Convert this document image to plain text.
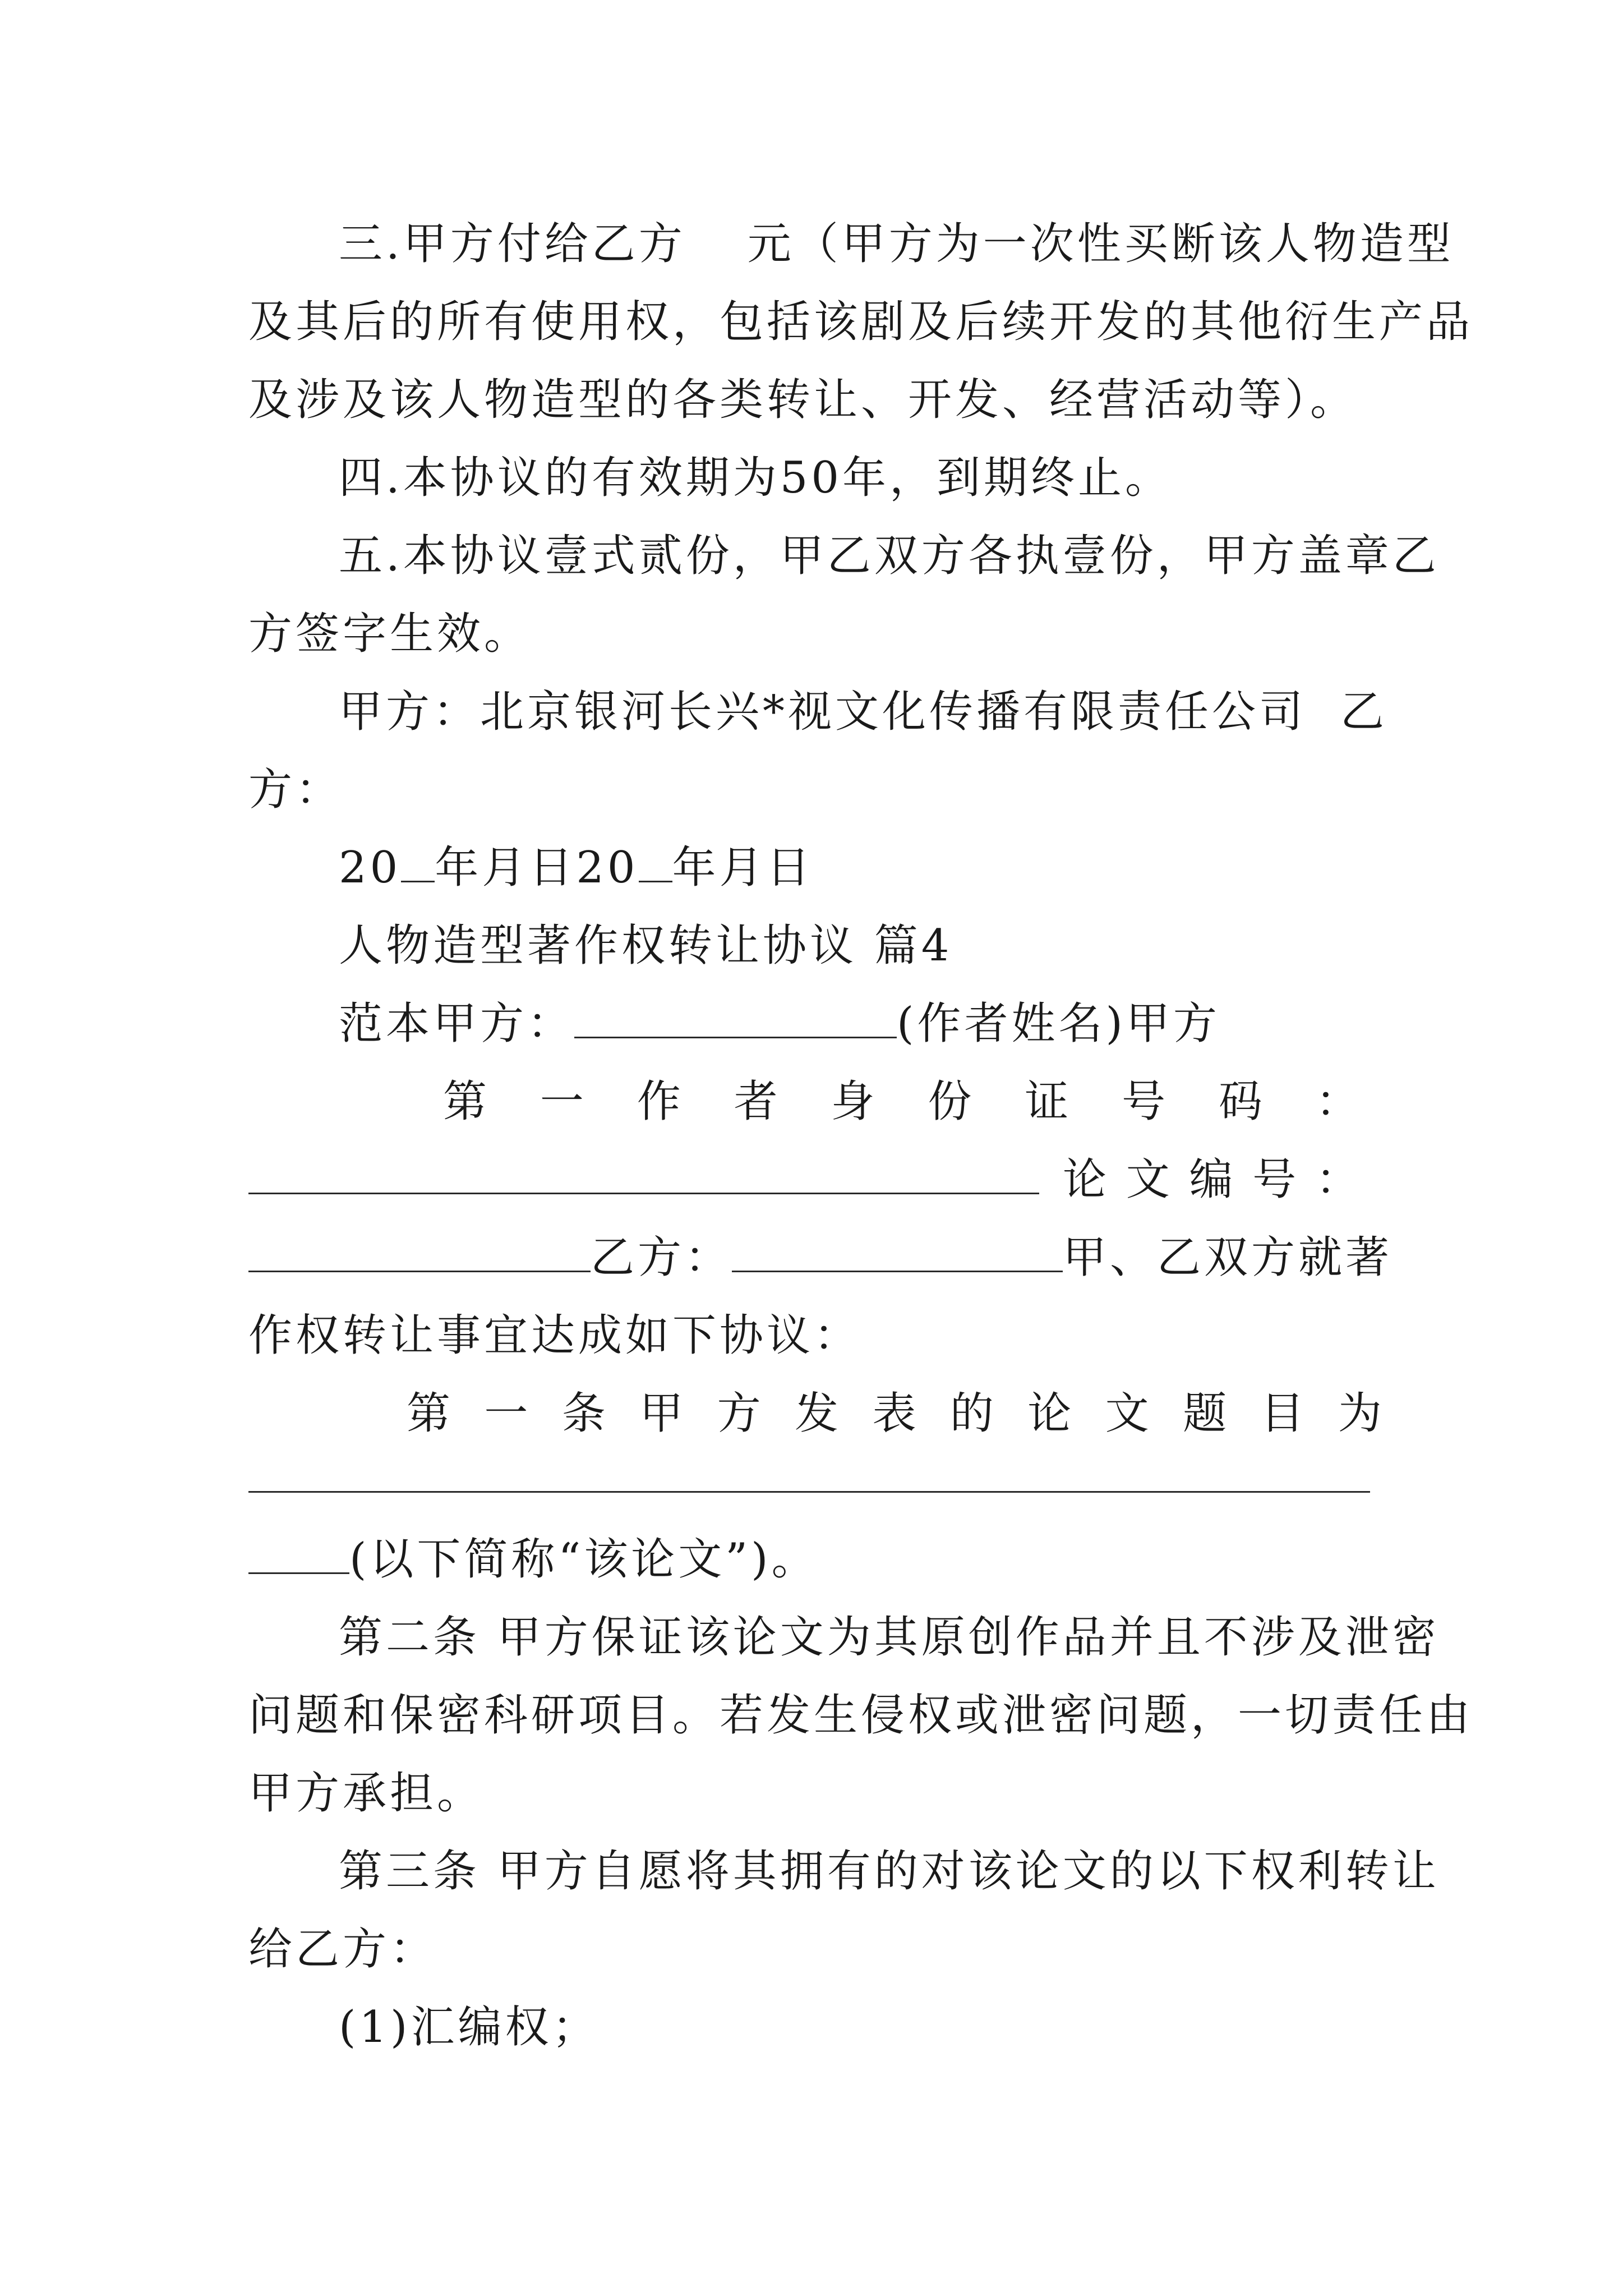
三.甲方付给乙方 元（甲方为一次性买断该人物造型
及其后的所有使用权，包括该剧及后续开发的其他衍生产品
及涉及该人物造型的各类转让、开发、经营活动等）。
四.本协议的有效期为50年，到期终止。
五.本协议壹式贰份，甲乙双方各执壹份，甲方盖章乙
方签字生效。
甲方：北京银河长兴*视文化传播有限责任公司 乙
方：
20 年月日20 年月日
人物造型著作权转让协议 篇4
范本甲方：	(作者姓名)甲方
第 一 作 者 身 份 证 号 码 ：
论 文 编 号 ：
乙方：	甲、乙双方就著
作权转让事宜达成如下协议：
第 一 条 甲 方 发 表 的 论 文 题 目 为
(以下简称“该论文”)。
第二条 甲方保证该论文为其原创作品并且不涉及泄密
问题和保密科研项目。若发生侵权或泄密问题，一切责任由
甲方承担。
第三条 甲方自愿将其拥有的对该论文的以下权利转让
给乙方：
(1)汇编权；
